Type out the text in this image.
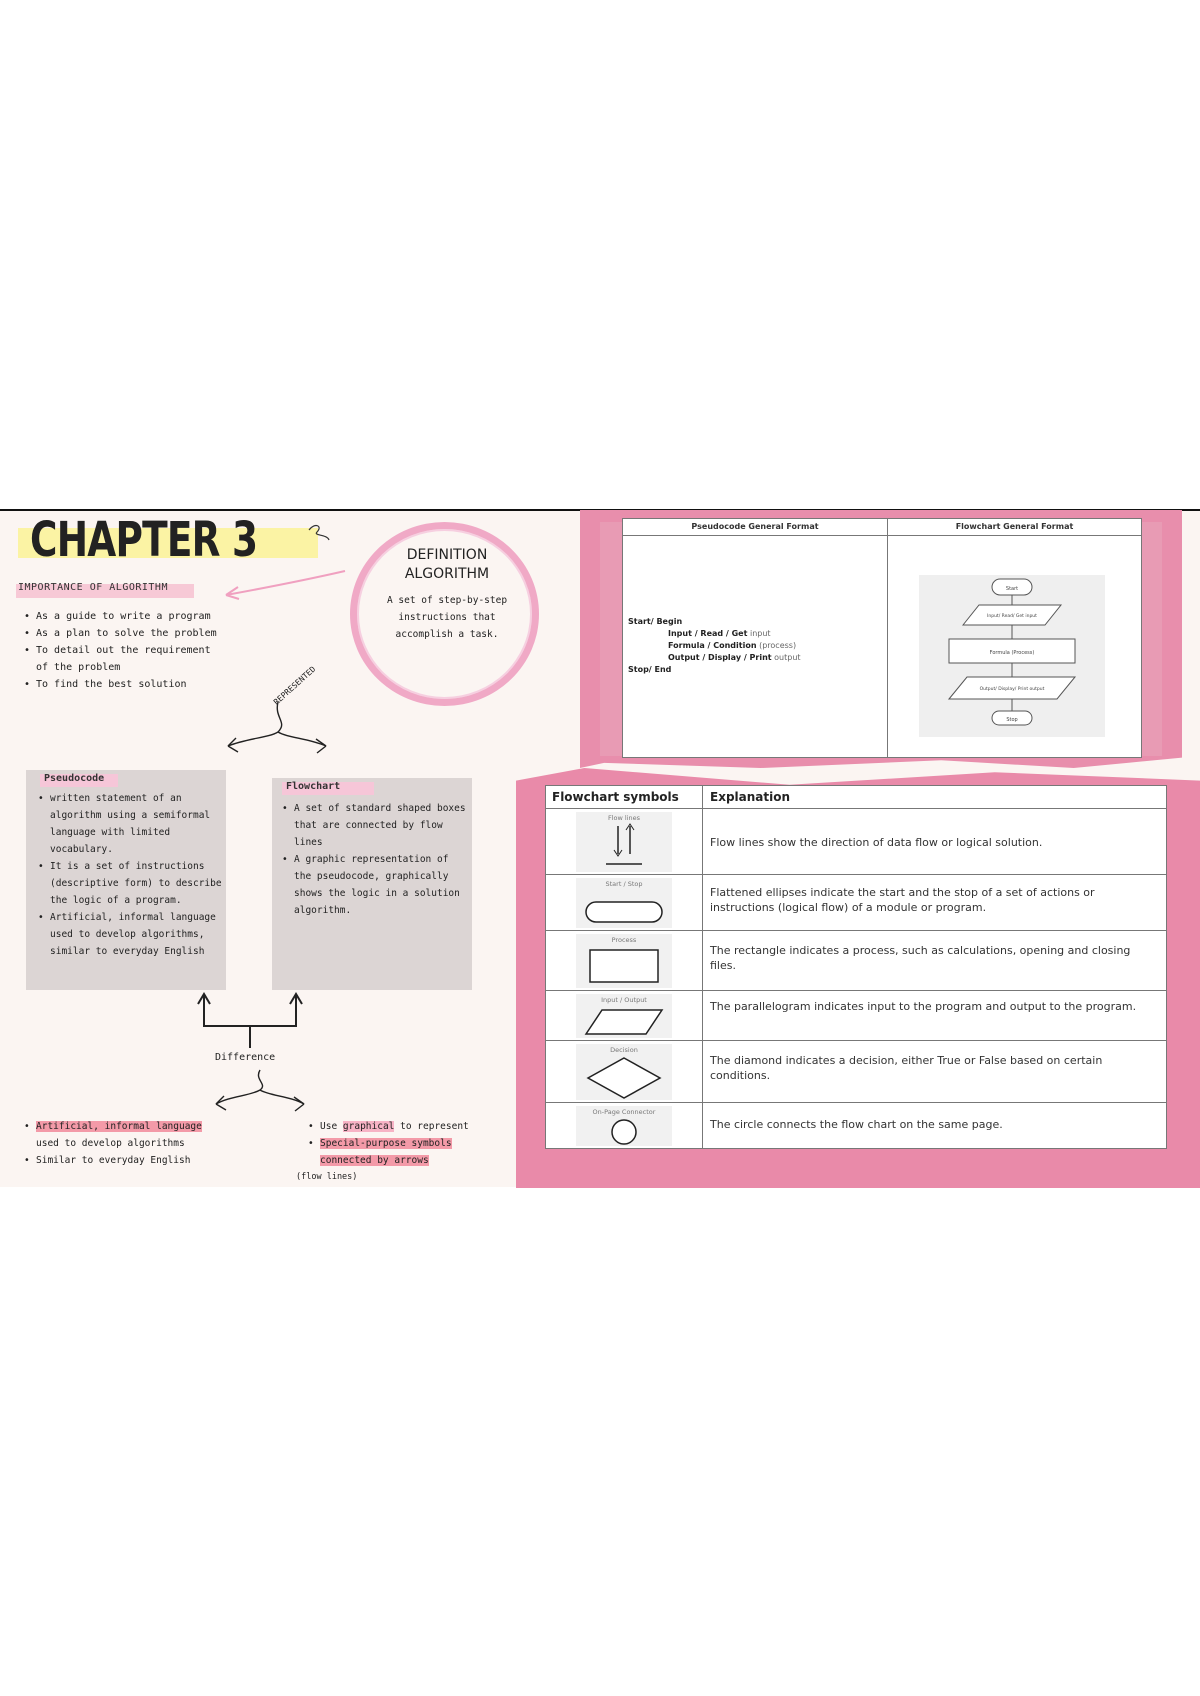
CHAPTER 3
IMPORTANCE OF ALGORITHM
• As a guide to write a program
• As a plan to solve the problem
• To detail out the requirement of the problem
• To find the best solution
DEFINITION
ALGORITHM
A set of step-by-step instructions that accomplish a task.
REPRESENTED
Pseudocode
• written statement of an algorithm using a semiformal language with limited vocabulary.
• It is a set of instructions (descriptive form) to describe the logic of a program.
• Artificial, informal language used to develop algorithms, similar to everyday English
Flowchart
• A set of standard shaped boxes that are connected by flow lines
• A graphic representation of the pseudocode, graphically shows the logic in a solution algorithm.
Difference
• Artificial, informal language
used to develop algorithms
• Similar to everyday English
• Use graphical to represent
• Special-purpose symbols connected by arrows
(flow lines)
Pseudocode General Format
Start/ Begin
Input / Read / Get input
Formula / Condition (process)
Output / Display / Print output
Stop/ End
Flowchart General Format
Start
Input/ Read/ Get input
Formula (Process)
Output/ Display/ Print output
Stop
Flowchart symbols	Explanation
Flow lines
Flow lines show the direction of data flow or logical solution.
Start / Stop
Flattened ellipses indicate the start and the stop of a set of actions or instructions (logical flow) of a module or program.
Process
The rectangle indicates a process, such as calculations, opening and closing files.
Input / Output	The parallelogram indicates input to the program and output to the program.
Decision
The diamond indicates a decision, either True or False based on certain conditions.
On-Page Connector
The circle connects the flow chart on the same page.
